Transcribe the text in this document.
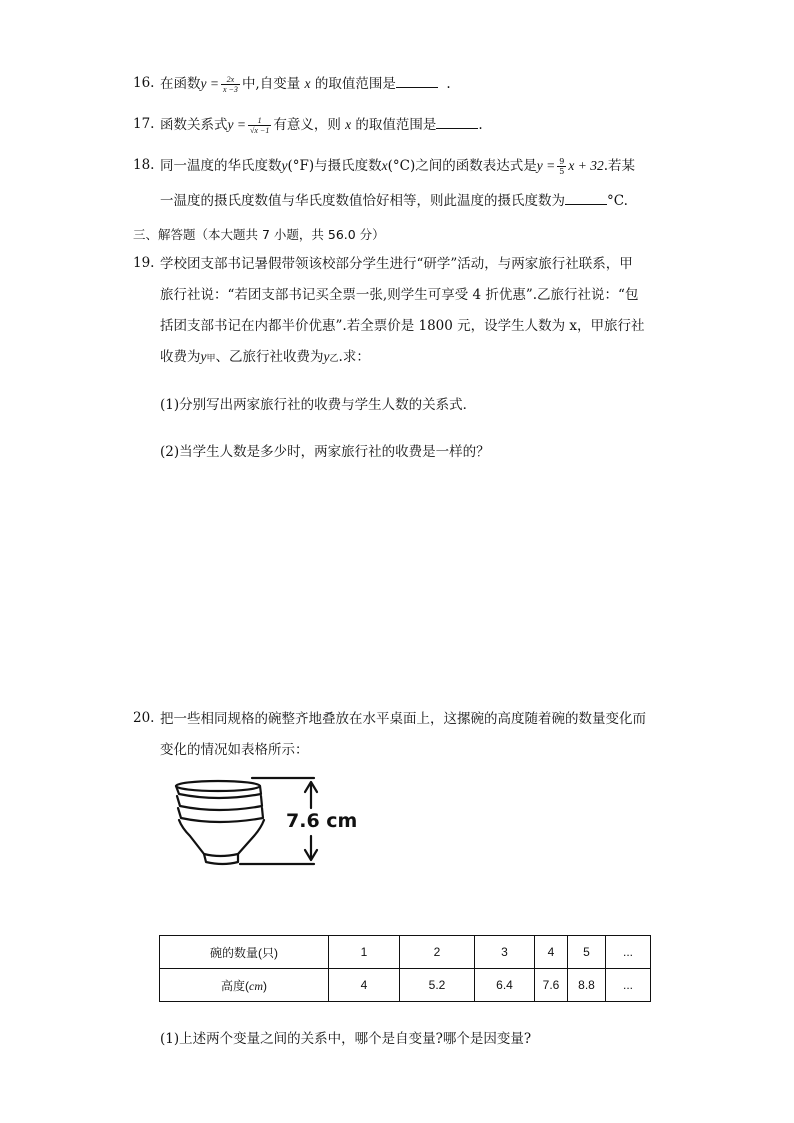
16. 在函数$y = \frac{2x}{x -3}$ 中,自变量 x 的取值范围是	.
17. 函数关系式$y = \frac{1}{√x -1}$ 有意义，则 x 的取值范围是	.
18. 同一温度的华氏度数y(°F)与摄氏度数x(°C)之间的函数表达式是$y = \frac{9}{5}$ x + 32.若某
一温度的摄氏度数值与华氏度数值恰好相等，则此温度的摄氏度数为	°C.
三、解答题（本大题共 7 小题，共 56.0 分）
19. 学校团支部书记暑假带领该校部分学生进行“研学”活动，与两家旅行社联系，甲
旅行社说：“若团支部书记买全票一张,则学生可享受 4 折优惠”.乙旅行社说：“包
括团支部书记在内都半价优惠”.若全票价是 1800 元，设学生人数为 x，甲旅行社
收费为y甲、乙旅行社收费为y乙.求：
(1)分别写出两家旅行社的收费与学生人数的关系式．
(2)当学生人数是多少时，两家旅行社的收费是一样的？
20. 把一些相同规格的碗整齐地叠放在水平桌面上，这摞碗的高度随着碗的数量变化而
变化的情况如表格所示：
7.6 cm
碗的数量(只)	1	2	3	4	5	...
高度(cm)	4	5.2	6.4	7.6	8.8	...
(1)上述两个变量之间的关系中，哪个是自变量?哪个是因变量?
